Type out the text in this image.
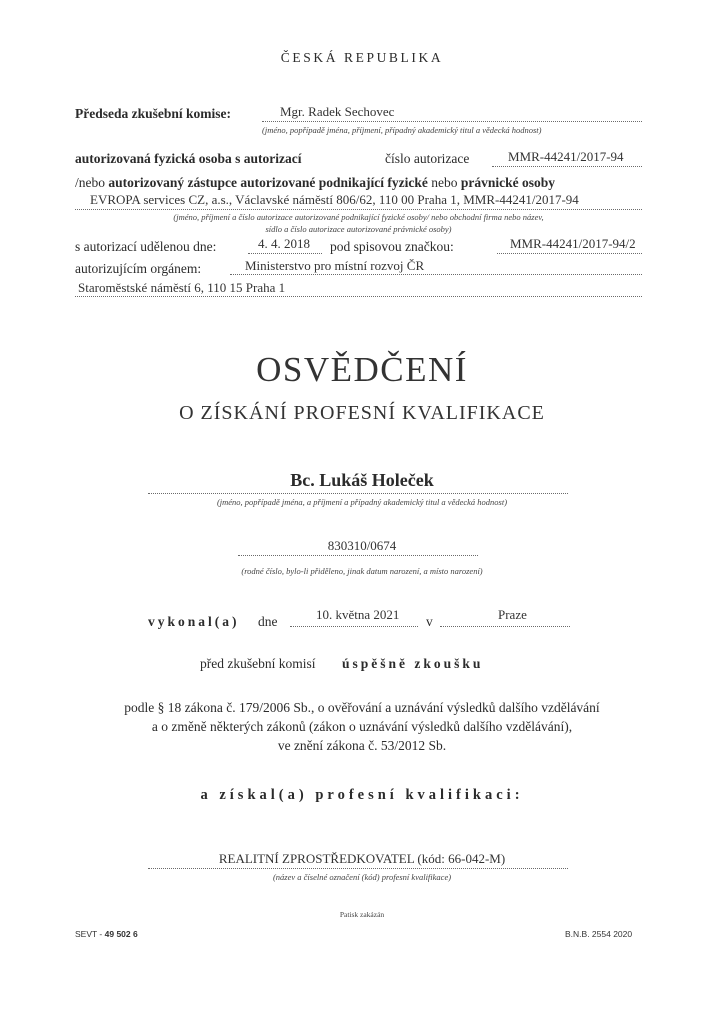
ČESKÁ REPUBLIKA
Předseda zkušební komise:	Mgr. Radek Sechovec
(jméno, popřípadě jména, příjmení, případný akademický titul a vědecká hodnost)
autorizovaná fyzická osoba s autorizací	číslo autorizace	MMR-44241/2017-94
/nebo autorizovaný zástupce autorizované podnikající fyzické nebo právnické osoby
EVROPA services CZ, a.s., Václavské náměstí 806/62, 110 00 Praha 1, MMR-44241/2017-94
(jméno, příjmení a číslo autorizace autorizované podnikající fyzické osoby/ nebo obchodní firma nebo název,
sídlo a číslo autorizace autorizované právnické osoby)
s autorizací udělenou dne:	4. 4. 2018 pod spisovou značkou:	MMR-44241/2017-94/2
autorizujícím orgánem:	Ministerstvo pro místní rozvoj ČR
Staroměstské náměstí 6, 110 15 Praha 1
OSVĚDČENÍ
O ZÍSKÁNÍ PROFESNÍ KVALIFIKACE
Bc. Lukáš Holeček
(jméno, popřípadě jména, a příjmení a případný akademický titul a vědecká hodnost)
830310/0674
(rodné číslo, bylo-li přiděleno, jinak datum narození, a místo narození)
vykonal(a) dne	10. května 2021 v	Praze
před zkušební komisí úspěšně zkoušku
podle § 18 zákona č. 179/2006 Sb., o ověřování a uznávání výsledků dalšího vzdělávání
a o změně některých zákonů (zákon o uznávání výsledků dalšího vzdělávání),
ve znění zákona č. 53/2012 Sb.
a získal(a) profesní kvalifikaci:
REALITNÍ ZPROSTŘEDKOVATEL (kód: 66-042-M)
(název a číselné označení (kód) profesní kvalifikace)
Patisk zakázán
SEVT - 49 502 6	B.N.B. 2554 2020
